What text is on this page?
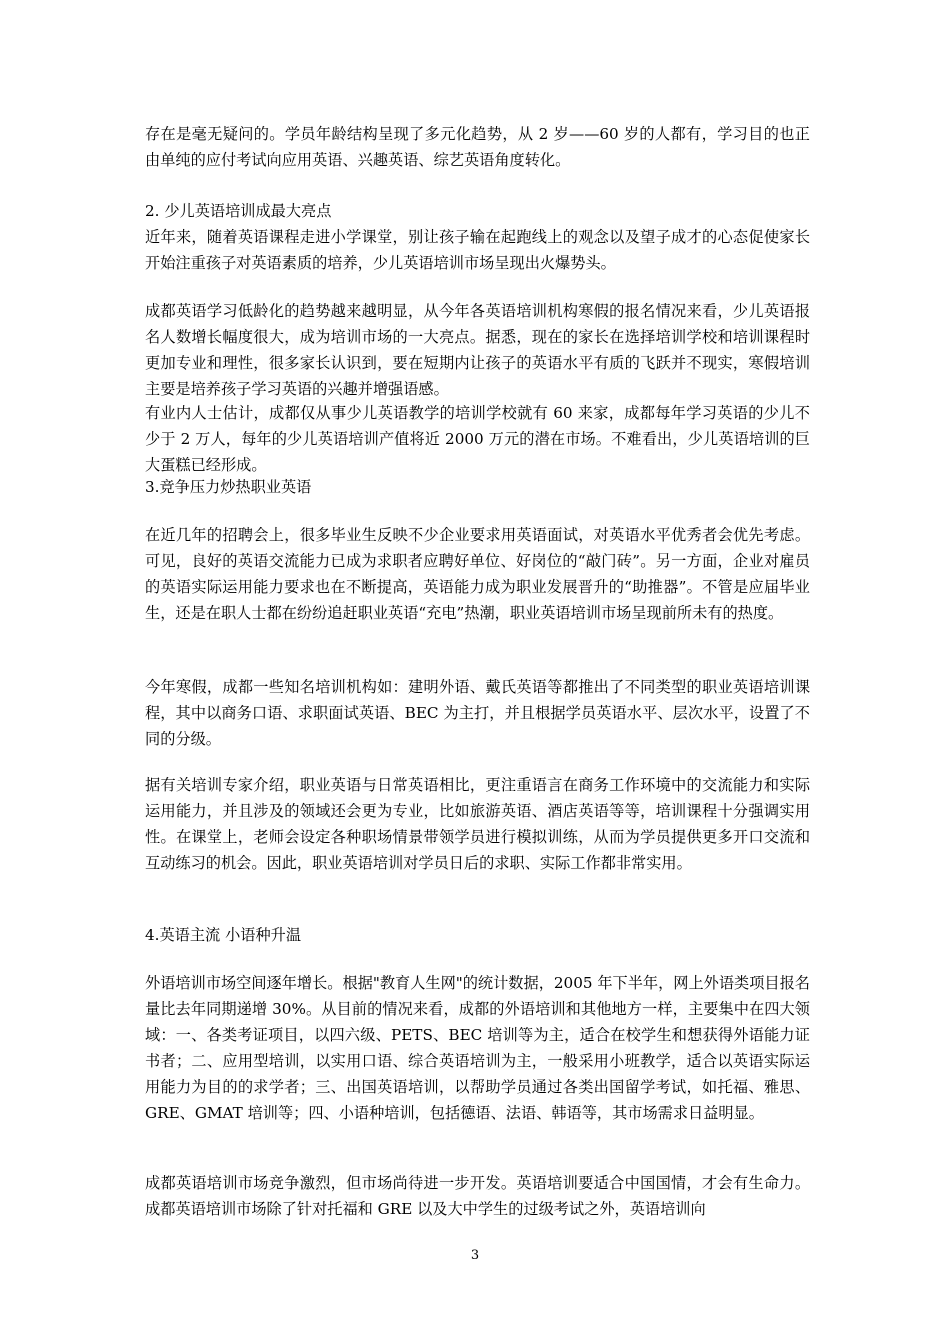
存在是毫无疑问的。学员年龄结构呈现了多元化趋势，从 2 岁——60 岁的人都有，学习目的也正由单纯的应付考试向应用英语、兴趣英语、综艺英语角度转化。

2. 少儿英语培训成最大亮点

近年来，随着英语课程走进小学课堂，别让孩子输在起跑线上的观念以及望子成才的心态促使家长开始注重孩子对英语素质的培养，少儿英语培训市场呈现出火爆势头。

成都英语学习低龄化的趋势越来越明显，从今年各英语培训机构寒假的报名情况来看，少儿英语报名人数增长幅度很大，成为培训市场的一大亮点。据悉，现在的家长在选择培训学校和培训课程时更加专业和理性，很多家长认识到，要在短期内让孩子的英语水平有质的飞跃并不现实，寒假培训主要是培养孩子学习英语的兴趣并增强语感。

有业内人士估计，成都仅从事少儿英语教学的培训学校就有 60 来家，成都每年学习英语的少儿不少于 2 万人，每年的少儿英语培训产值将近 2000 万元的潜在市场。不难看出，少儿英语培训的巨大蛋糕已经形成。

3.竞争压力炒热职业英语

在近几年的招聘会上，很多毕业生反映不少企业要求用英语面试，对英语水平优秀者会优先考虑。可见，良好的英语交流能力已成为求职者应聘好单位、好岗位的“敲门砖”。另一方面，企业对雇员的英语实际运用能力要求也在不断提高，英语能力成为职业发展晋升的“助推器”。不管是应届毕业生，还是在职人士都在纷纷追赶职业英语“充电”热潮，职业英语培训市场呈现前所未有的热度。

今年寒假，成都一些知名培训机构如：建明外语、戴氏英语等都推出了不同类型的职业英语培训课程，其中以商务口语、求职面试英语、BEC 为主打，并且根据学员英语水平、层次水平，设置了不同的分级。

据有关培训专家介绍，职业英语与日常英语相比，更注重语言在商务工作环境中的交流能力和实际运用能力，并且涉及的领域还会更为专业，比如旅游英语、酒店英语等等，培训课程十分强调实用性。在课堂上，老师会设定各种职场情景带领学员进行模拟训练，从而为学员提供更多开口交流和互动练习的机会。因此，职业英语培训对学员日后的求职、实际工作都非常实用。

4.英语主流 小语种升温

外语培训市场空间逐年增长。根据"教育人生网"的统计数据，2005 年下半年，网上外语类项目报名量比去年同期递增 30%。从目前的情况来看，成都的外语培训和其他地方一样，主要集中在四大领域：一、各类考证项目，以四六级、PETS、BEC 培训等为主，适合在校学生和想获得外语能力证书者；二、应用型培训，以实用口语、综合英语培训为主，一般采用小班教学，适合以英语实际运用能力为目的的求学者；三、出国英语培训，以帮助学员通过各类出国留学考试，如托福、雅思、GRE、GMAT 培训等；四、小语种培训，包括德语、法语、韩语等，其市场需求日益明显。

成都英语培训市场竞争激烈，但市场尚待进一步开发。英语培训要适合中国国情，才会有生命力。成都英语培训市场除了针对托福和 GRE 以及大中学生的过级考试之外，英语培训向

3
